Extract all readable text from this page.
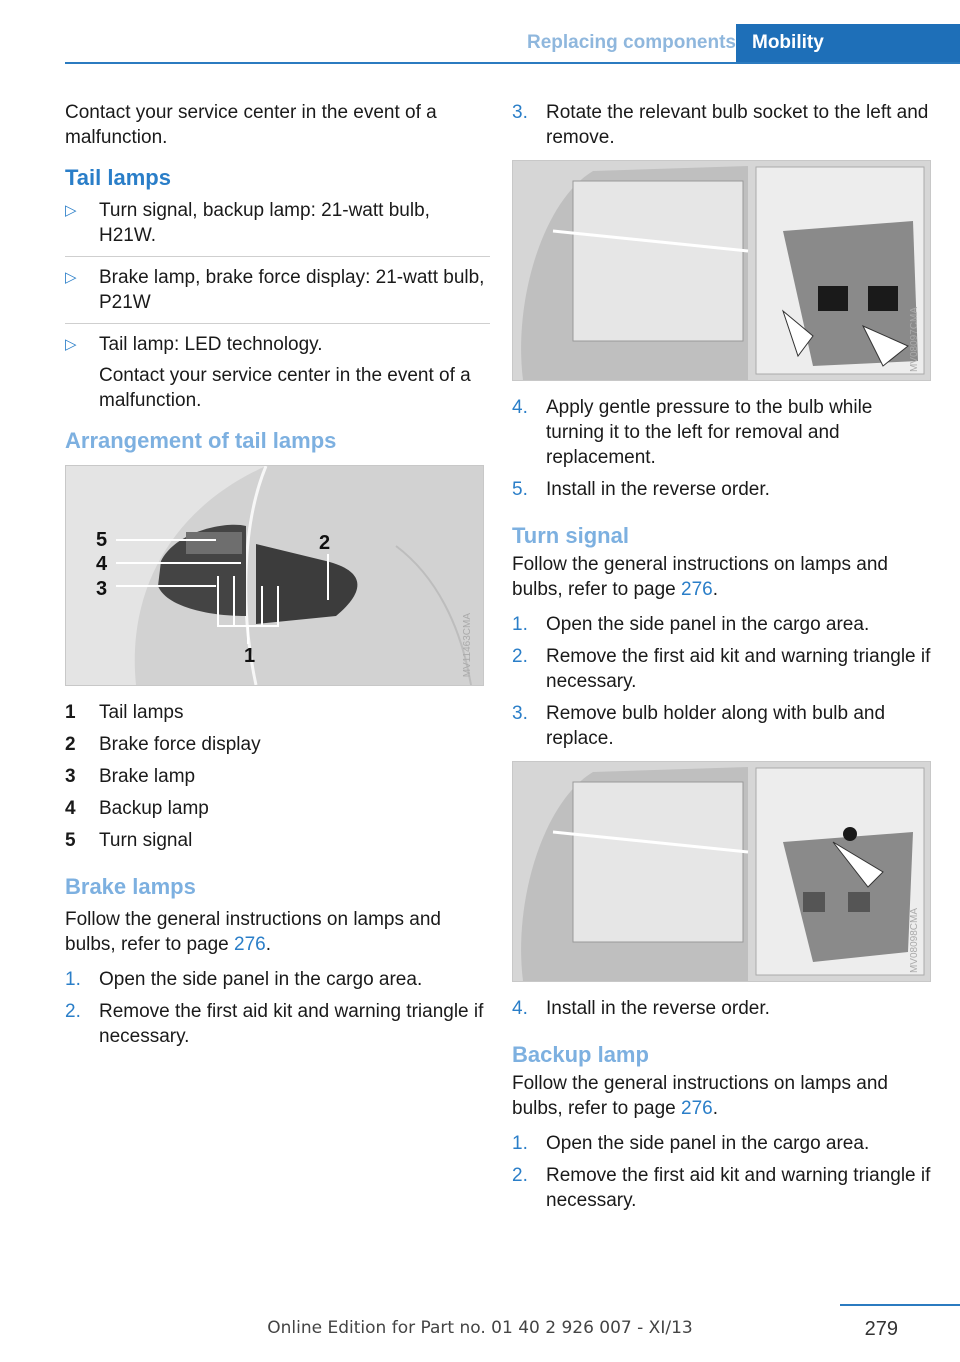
Replacing components Mobility

Contact your service center in the event of a malfunction.

Tail lamps
▷ Turn signal, backup lamp: 21-watt bulb, H21W.
▷ Brake lamp, brake force display: 21-watt bulb, P21W
▷ Tail lamp: LED technology.
Contact your service center in the event of a malfunction.
Arrangement of tail lamps
5
4
3
2
1	MV11463CMA
1	Tail lamps
2	Brake force display
3	Brake lamp
4	Backup lamp
5	Turn signal
Brake lamps

Follow the general instructions on lamps and bulbs, refer to page 276.

1. Open the side panel in the cargo area.
2. Remove the first aid kit and warning triangle if necessary.
3. Rotate the relevant bulb socket to the left and remove.
MV08097CMA
4. Apply gentle pressure to the bulb while turning it to the left for removal and replacement.
5. Install in the reverse order.
Turn signal

Follow the general instructions on lamps and bulbs, refer to page 276.

1. Open the side panel in the cargo area.
2. Remove the first aid kit and warning triangle if necessary.
3. Remove bulb holder along with bulb and replace.
MV08098CMA
4. Install in the reverse order.
Backup lamp

Follow the general instructions on lamps and bulbs, refer to page 276.

1. Open the side panel in the cargo area.
2. Remove the first aid kit and warning triangle if necessary.
279
Online Edition for Part no. 01 40 2 926 007 - XI/13
